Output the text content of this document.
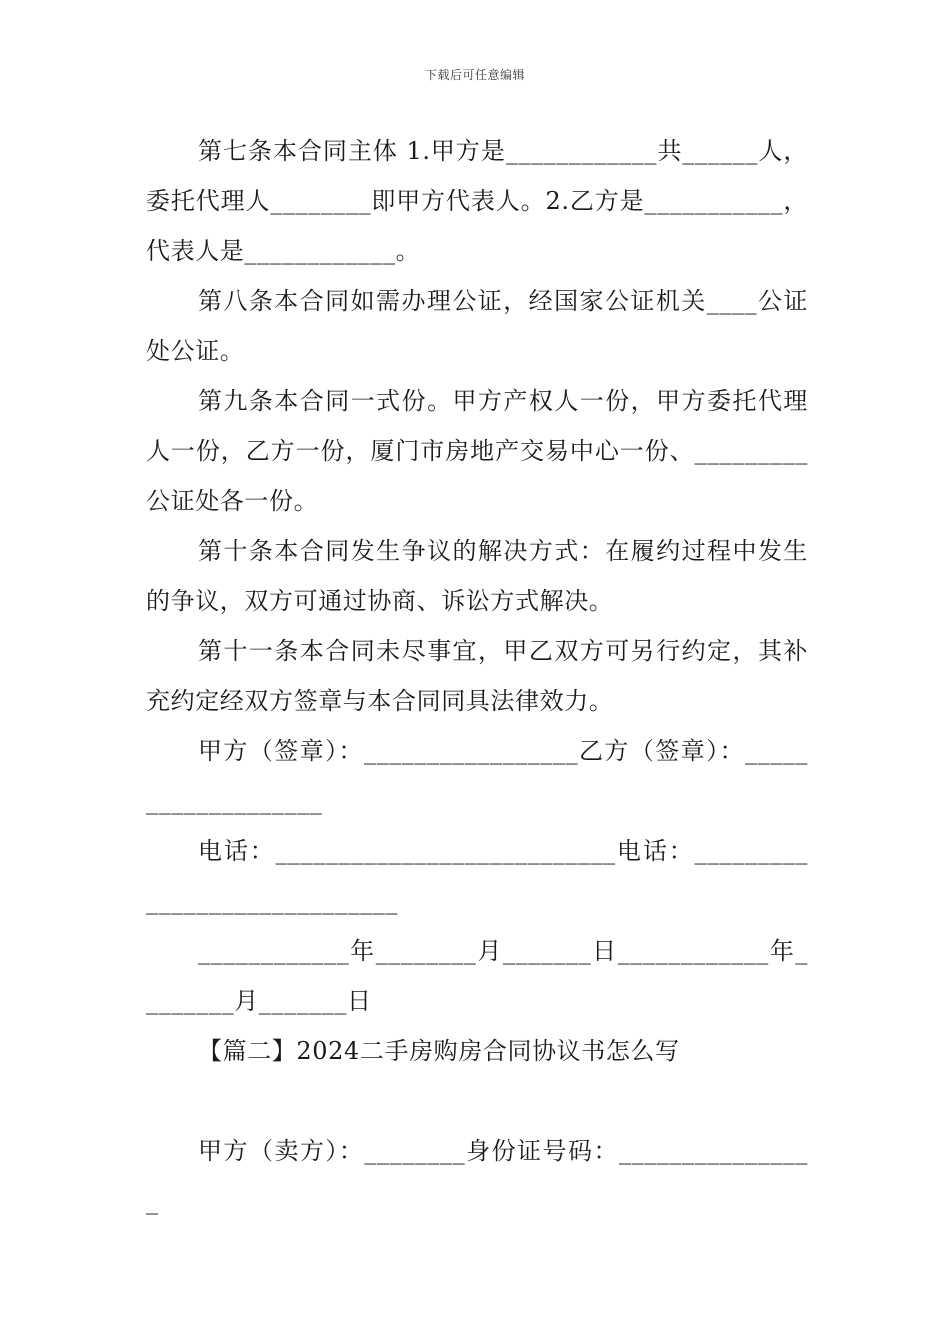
下载后可任意编辑

第七条本合同主体 1.甲方是____________共______人，委托代理人________即甲方代表人。2.乙方是___________，代表人是____________。

第八条本合同如需办理公证，经国家公证机关____公证处公证。

第九条本合同一式份。甲方产权人一份，甲方委托代理人一份，乙方一份，厦门市房地产交易中心一份、_________公证处各一份。

第十条本合同发生争议的解决方式：在履约过程中发生的争议，双方可通过协商、诉讼方式解决。

第十一条本合同未尽事宜，甲乙双方可另行约定，其补充约定经双方签章与本合同同具法律效力。

甲方（签章）：_________________乙方（签章）：___________________

电话：___________________________电话：_____________________________

____________年________月_______日____________年________月_______日

【篇二】2024二手房购房合同协议书怎么写

甲方（卖方）：________身份证号码：________________
